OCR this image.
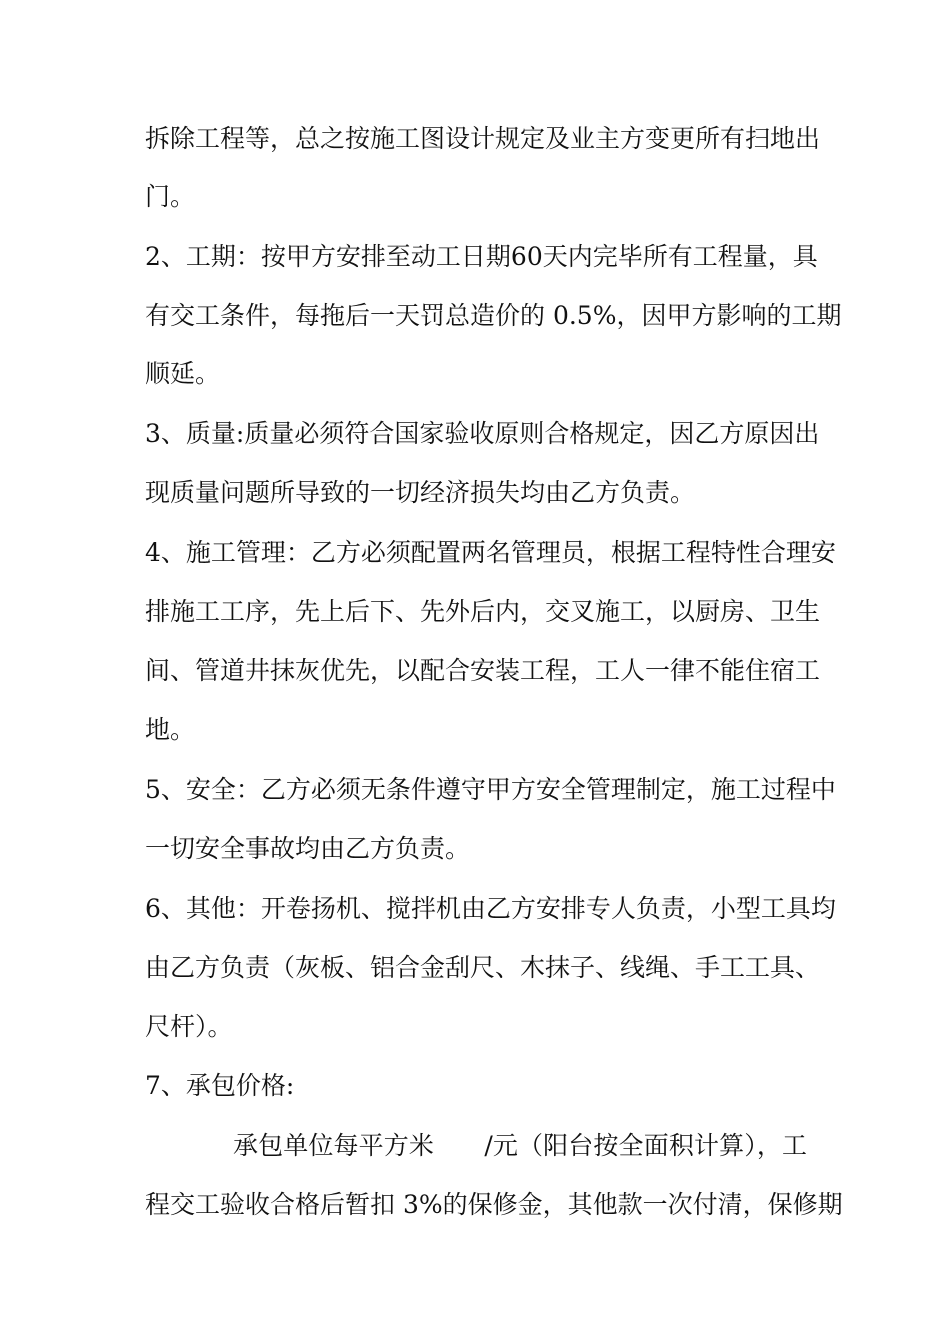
拆除工程等，总之按施工图设计规定及业主方变更所有扫地出
门。
2、工期：按甲方安排至动工日期60天内完毕所有工程量，具
有交工条件，每拖后一天罚总造价的 0.5%，因甲方影响的工期
顺延。
3、质量:质量必须符合国家验收原则合格规定，因乙方原因出
现质量问题所导致的一切经济损失均由乙方负责。
4、施工管理：乙方必须配置两名管理员，根据工程特性合理安
排施工工序，先上后下、先外后内，交叉施工，以厨房、卫生
间、管道井抹灰优先，以配合安装工程，工人一律不能住宿工
地。
5、安全：乙方必须无条件遵守甲方安全管理制定，施工过程中
一切安全事故均由乙方负责。
6、其他：开卷扬机、搅拌机由乙方安排专人负责，小型工具均
由乙方负责（灰板、铝合金刮尺、木抹子、线绳、手工工具、
尺杆）。
7、承包价格:
承包单位每平方米　　/元（阳台按全面积计算），工
程交工验收合格后暂扣 3%的保修金，其他款一次付清，保修期
